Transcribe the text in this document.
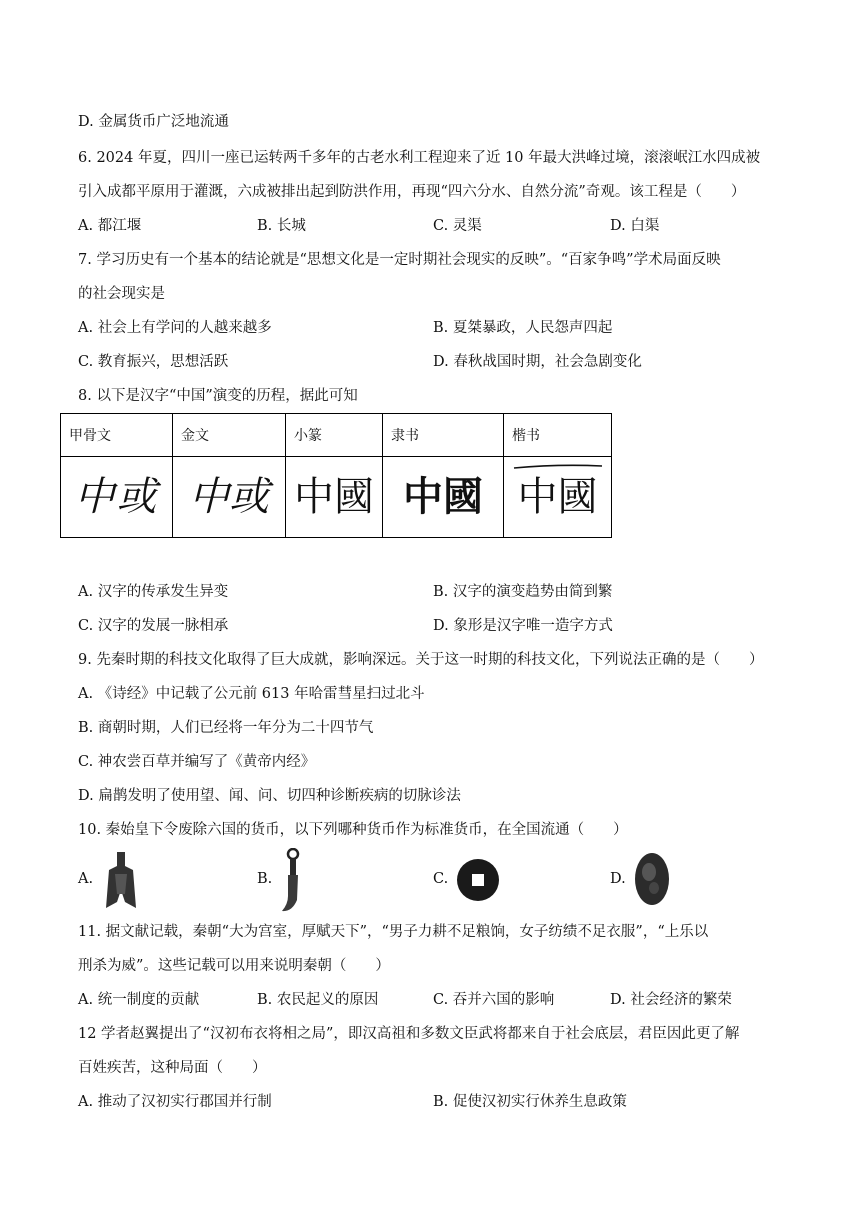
D. 金属货币广泛地流通
6. 2024 年夏，四川一座已运转两千多年的古老水利工程迎来了近 10 年最大洪峰过境，滚滚岷江水四成被
引入成都平原用于灌溉，六成被排出起到防洪作用，再现“四六分水、自然分流”奇观。该工程是（　　）
A. 都江堰	B. 长城	C. 灵渠	D. 白渠
7. 学习历史有一个基本的结论就是“思想文化是一定时期社会现实的反映”。“百家争鸣”学术局面反映
的社会现实是
A. 社会上有学问的人越来越多	B. 夏桀暴政，人民怨声四起
C. 教育振兴，思想活跃	D. 春秋战国时期，社会急剧变化
8. 以下是汉字“中国”演变的历程，据此可知
甲骨文	金文	小篆	隶书	楷书
中或	中或	中國	中國	中國
A. 汉字的传承发生异变	B. 汉字的演变趋势由简到繁
C. 汉字的发展一脉相承	D. 象形是汉字唯一造字方式
9. 先秦时期的科技文化取得了巨大成就，影响深远。关于这一时期的科技文化，下列说法正确的是（　　）
A. 《诗经》中记载了公元前 613 年哈雷彗星扫过北斗
B. 商朝时期，人们已经将一年分为二十四节气
C. 神农尝百草并编写了《黄帝内经》
D. 扁鹊发明了使用望、闻、问、切四种诊断疾病的切脉诊法
10. 秦始皇下令废除六国的货币，以下列哪种货币作为标准货币，在全国流通（　　）
A.	B.	C.	D.
11. 据文献记载，秦朝“大为宫室，厚赋天下”，“男子力耕不足粮饷，女子纺绩不足衣服”，“上乐以
刑杀为威”。这些记载可以用来说明秦朝（　　）
A. 统一制度的贡献	B. 农民起义的原因	C. 吞并六国的影响	D. 社会经济的繁荣
12 学者赵翼提出了“汉初布衣将相之局”，即汉高祖和多数文臣武将都来自于社会底层，君臣因此更了解
百姓疾苦，这种局面（　　）
A. 推动了汉初实行郡国并行制	B. 促使汉初实行休养生息政策
